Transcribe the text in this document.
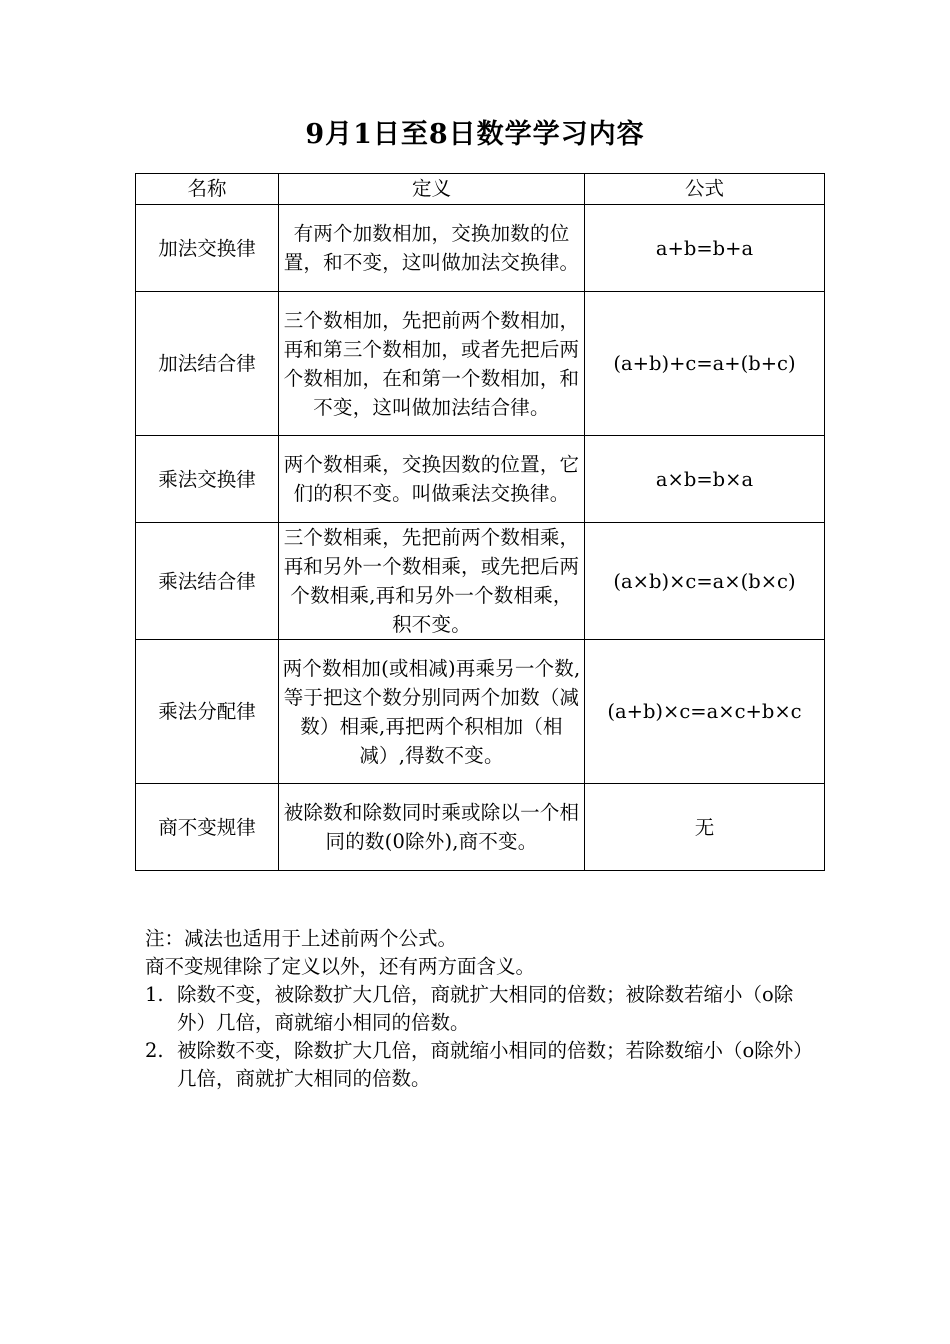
9月1日至8日数学学习内容
名称	定义	公式
加法交换律	有两个加数相加，交换加数的位置，和不变，这叫做加法交换律。	a+b=b+a
加法结合律	三个数相加，先把前两个数相加，再和第三个数相加，或者先把后两个数相加，在和第一个数相加，和不变，这叫做加法结合律。	(a+b)+c=a+(b+c)
乘法交换律	两个数相乘，交换因数的位置，它们的积不变。叫做乘法交换律。	a×b=b×a
乘法结合律	三个数相乘，先把前两个数相乘，再和另外一个数相乘，或先把后两个数相乘,再和另外一个数相乘，积不变。	(a×b)×c=a×(b×c)
乘法分配律	两个数相加(或相减)再乘另一个数,等于把这个数分别同两个加数（减数）相乘,再把两个积相加（相减）,得数不变。	(a+b)×c=a×c+b×c
商不变规律	被除数和除数同时乘或除以一个相同的数(0除外),商不变。	无

注：减法也适用于上述前两个公式。

商不变规律除了定义以外，还有两方面含义。

1. 除数不变，被除数扩大几倍，商就扩大相同的倍数；被除数若缩小（o除外）几倍，商就缩小相同的倍数。
2. 被除数不变，除数扩大几倍，商就缩小相同的倍数；若除数缩小（o除外）几倍，商就扩大相同的倍数。
